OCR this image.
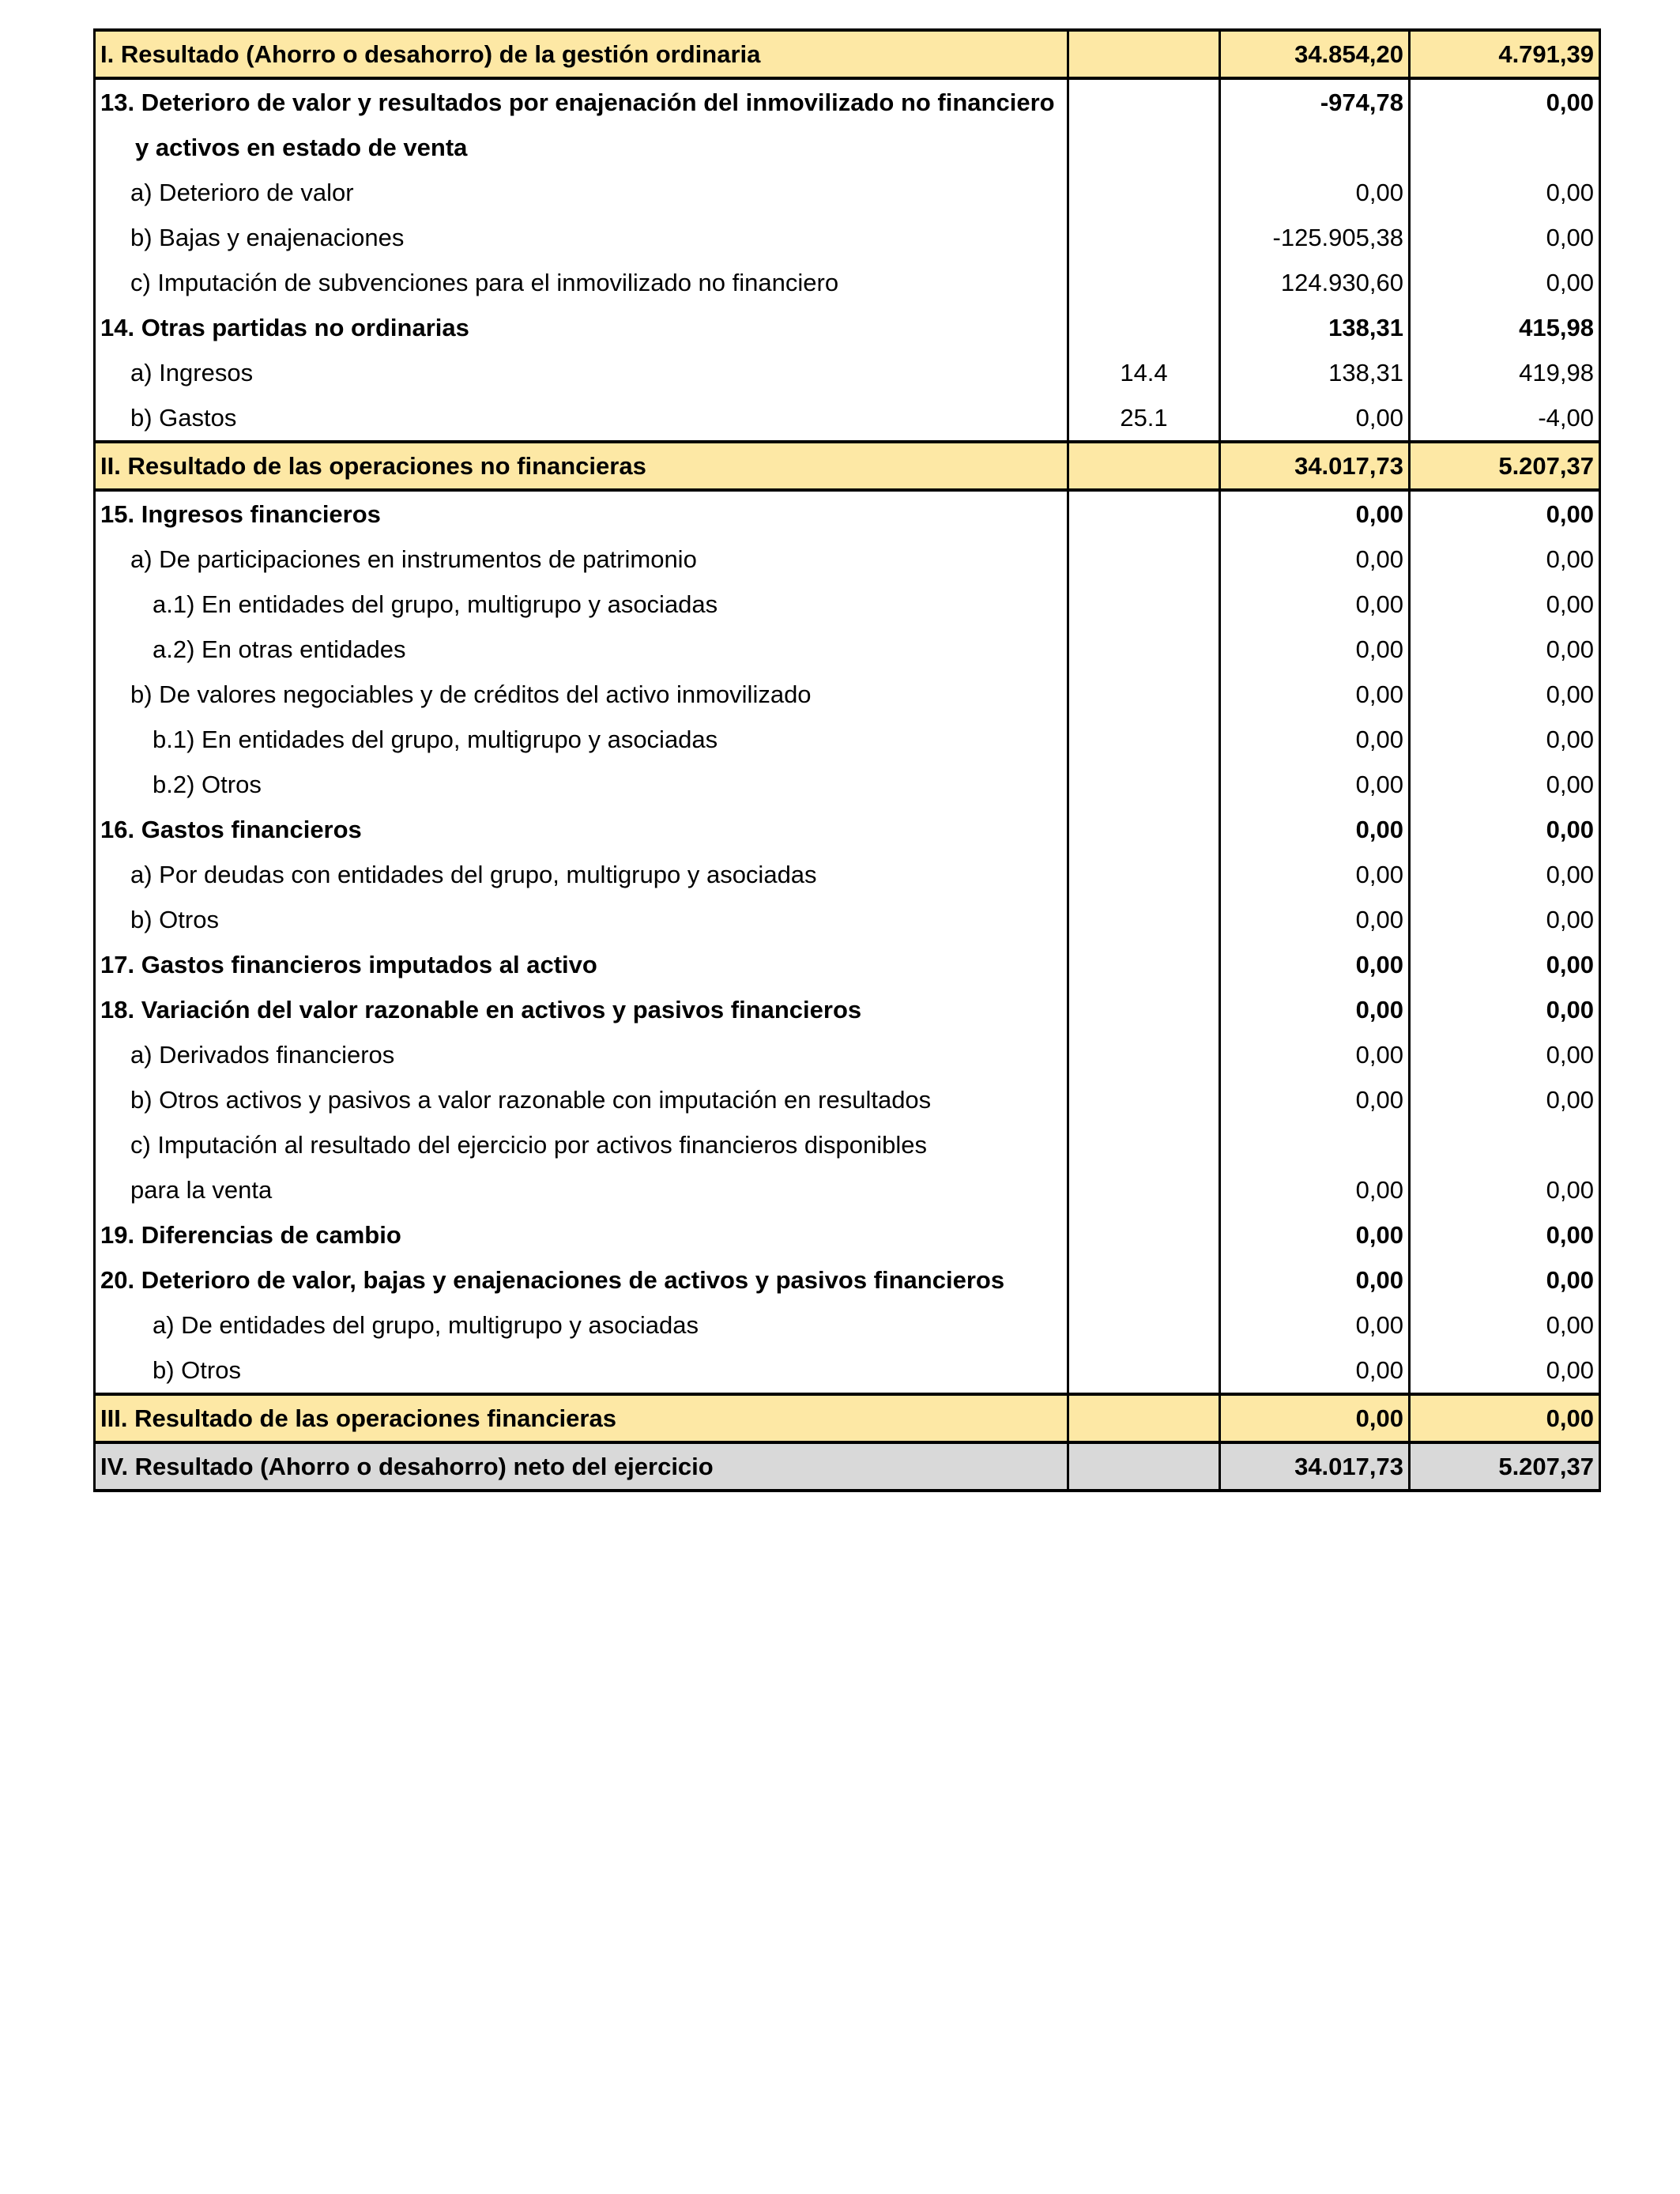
I. Resultado (Ahorro o desahorro) de la gestión ordinaria		34.854,20	4.791,39
13. Deterioro de valor y resultados por enajenación del inmovilizado no financiero		-974,78	0,00
y activos en estado de venta			
a) Deterioro de valor		0,00	0,00
b) Bajas y enajenaciones		-125.905,38	0,00
c) Imputación de subvenciones para el inmovilizado no financiero		124.930,60	0,00
14. Otras partidas no ordinarias		138,31	415,98
a) Ingresos	14.4	138,31	419,98
b) Gastos	25.1	0,00	-4,00
II. Resultado de las operaciones no financieras		34.017,73	5.207,37
15. Ingresos financieros		0,00	0,00
a) De participaciones en instrumentos de patrimonio		0,00	0,00
a.1) En entidades del grupo, multigrupo y asociadas		0,00	0,00
a.2) En otras entidades		0,00	0,00
b) De valores negociables y de créditos del activo inmovilizado		0,00	0,00
b.1) En entidades del grupo, multigrupo y asociadas		0,00	0,00
b.2) Otros		0,00	0,00
16. Gastos financieros		0,00	0,00
a) Por deudas con entidades del grupo, multigrupo y asociadas		0,00	0,00
b) Otros		0,00	0,00
17. Gastos financieros imputados al activo		0,00	0,00
18. Variación del valor razonable en activos y pasivos financieros		0,00	0,00
a) Derivados financieros		0,00	0,00
b) Otros activos y pasivos a valor razonable con imputación en resultados		0,00	0,00
c) Imputación al resultado del ejercicio por activos financieros disponibles			
para la venta		0,00	0,00
19. Diferencias de cambio		0,00	0,00
20. Deterioro de valor, bajas y enajenaciones de activos y pasivos financieros		0,00	0,00
a) De entidades del grupo, multigrupo y asociadas		0,00	0,00
b) Otros		0,00	0,00
III. Resultado de las operaciones financieras		0,00	0,00
IV. Resultado (Ahorro o desahorro) neto del ejercicio		34.017,73	5.207,37
